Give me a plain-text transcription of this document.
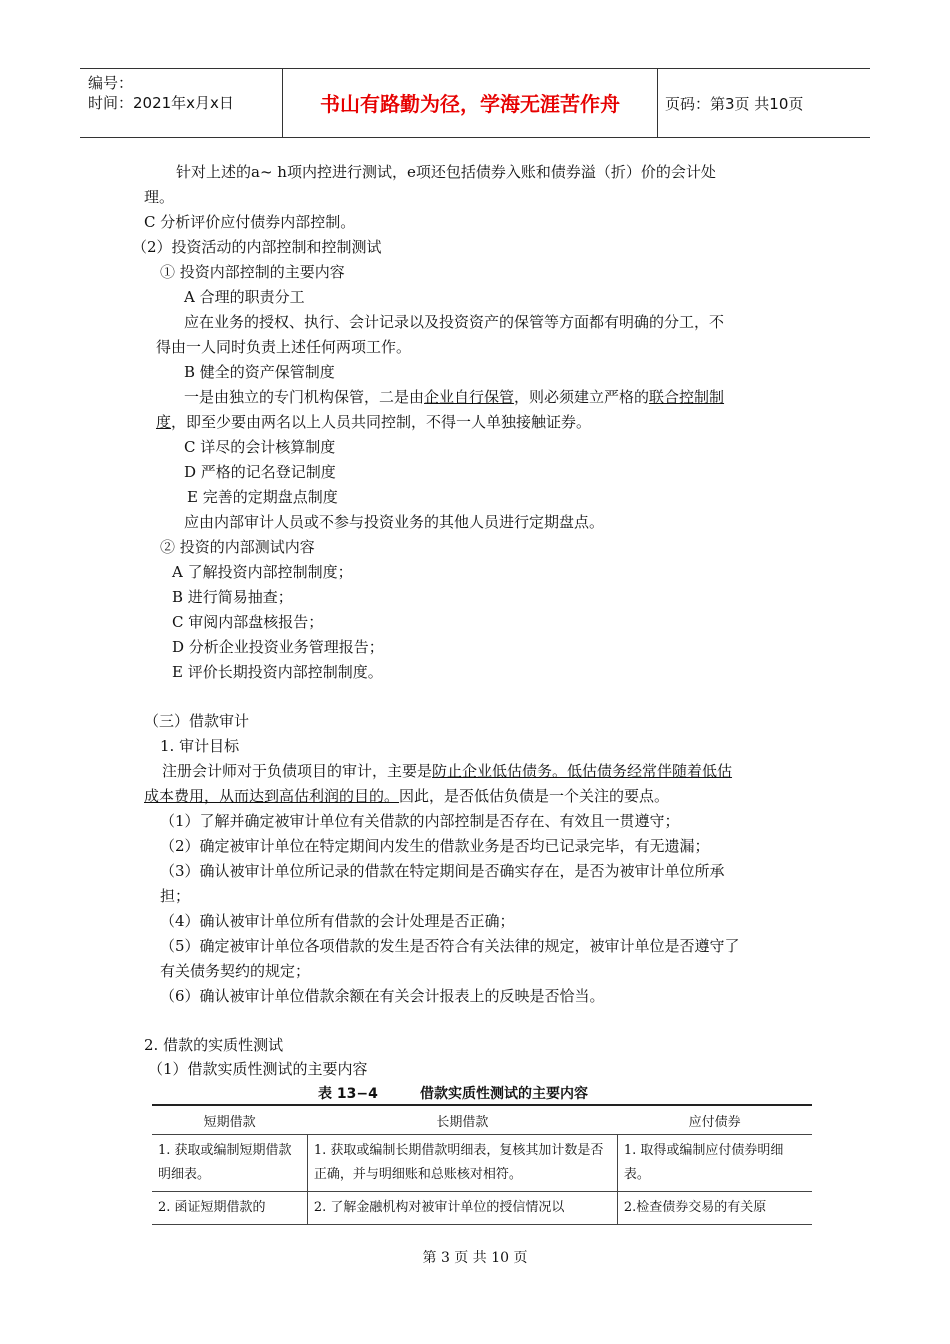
编号：
时间：2021年x月x日	书山有路勤为径，学海无涯苦作舟	页码：第3页 共10页
针对上述的a~ h项内控进行测试，e项还包括债券入账和债券溢（折）价的会计处
理。
C 分析评价应付债券内部控制。
（2）投资活动的内部控制和控制测试
① 投资内部控制的主要内容
A 合理的职责分工
应在业务的授权、执行、会计记录以及投资资产的保管等方面都有明确的分工，不
得由一人同时负责上述任何两项工作。
B 健全的资产保管制度
一是由独立的专门机构保管，二是由企业自行保管，则必须建立严格的联合控制制
度，即至少要由两名以上人员共同控制，不得一人单独接触证券。
C 详尽的会计核算制度
D 严格的记名登记制度
E 完善的定期盘点制度
应由内部审计人员或不参与投资业务的其他人员进行定期盘点。
② 投资的内部测试内容
A 了解投资内部控制制度；
B 进行简易抽查；
C 审阅内部盘核报告；
D 分析企业投资业务管理报告；
E 评价长期投资内部控制制度。
（三）借款审计
1. 审计目标
注册会计师对于负债项目的审计，主要是防止企业低估债务。低估债务经常伴随着低估
成本费用，从而达到高估利润的目的。因此，是否低估负债是一个关注的要点。
（1）了解并确定被审计单位有关借款的内部控制是否存在、有效且一贯遵守；
（2）确定被审计单位在特定期间内发生的借款业务是否均已记录完毕，有无遗漏；
（3）确认被审计单位所记录的借款在特定期间是否确实存在，是否为被审计单位所承
担；
（4）确认被审计单位所有借款的会计处理是否正确；
（5）确定被审计单位各项借款的发生是否符合有关法律的规定，被审计单位是否遵守了
有关债务契约的规定；
（6）确认被审计单位借款余额在有关会计报表上的反映是否恰当。
2. 借款的实质性测试
（1）借款实质性测试的主要内容
表 13−4	借款实质性测试的主要内容
短期借款	长期借款	应付债券
1. 获取或编制短期借款明细表。	1. 获取或编制长期借款明细表，复核其加计数是否正确，并与明细账和总账核对相符。	1. 取得或编制应付债券明细表。
2. 函证短期借款的	2. 了解金融机构对被审计单位的授信情况以	2.检查债券交易的有关原
第 3 页 共 10 页
